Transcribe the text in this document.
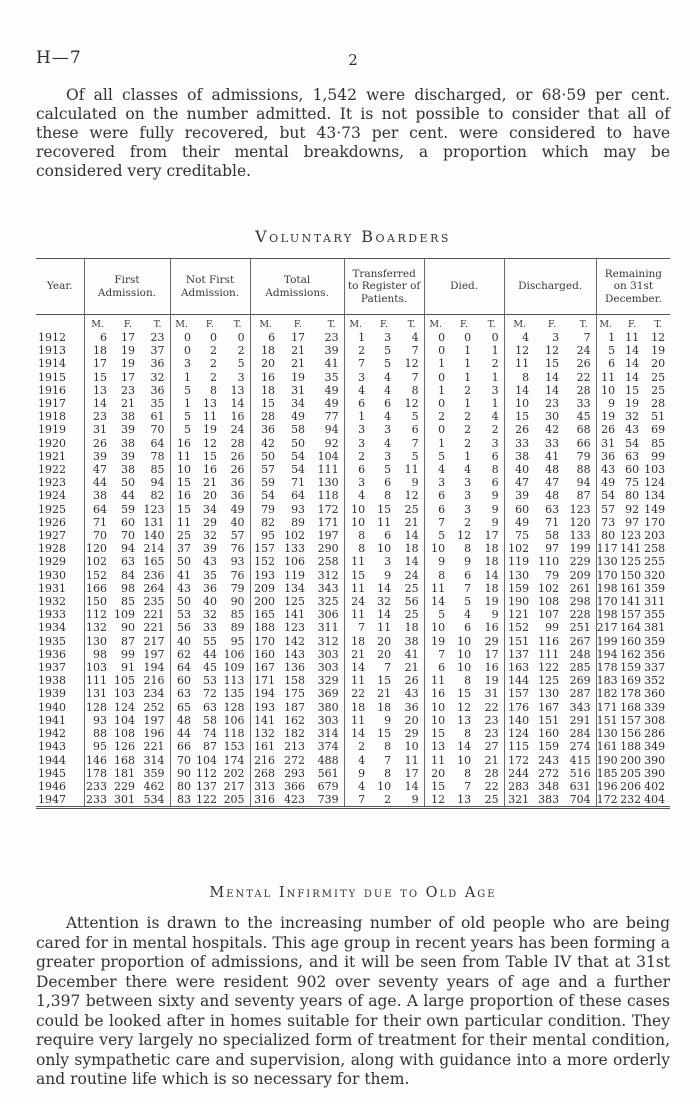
H—7	2

Of all classes of admissions, 1,542 were discharged, or 68·59 per cent. calculated on the number admitted. It is not possible to consider that all of these were fully recovered, but 43·73 per cent. were considered to have recovered from their mental breakdowns, a proportion which may be considered very creditable.

Voluntary Boarders
Year.	First Admission.			Not First Admission.			Total Admissions.			Transferred to Register of Patients.			Died.			Discharged.			Remaining on 31st December.		
	M.	F.	T.	M.	F.	T.	M.	F.	T.	M.	F.	T.	M.	F.	T.	M.	F.	T.	M.	F.	T.
1912	6	17	23	0	0	0	6	17	23	1	3	4	0	0	0	4	3	7	1	11	12
1913	18	19	37	0	2	2	18	21	39	2	5	7	0	1	1	12	12	24	5	14	19
1914	17	19	36	3	2	5	20	21	41	7	5	12	1	1	2	11	15	26	6	14	20
1915	15	17	32	1	2	3	16	19	35	3	4	7	0	1	1	8	14	22	11	14	25
1916	13	23	36	5	8	13	18	31	49	4	4	8	1	2	3	14	14	28	10	15	25
1917	14	21	35	1	13	14	15	34	49	6	6	12	0	1	1	10	23	33	9	19	28
1918	23	38	61	5	11	16	28	49	77	1	4	5	2	2	4	15	30	45	19	32	51
1919	31	39	70	5	19	24	36	58	94	3	3	6	0	2	2	26	42	68	26	43	69
1920	26	38	64	16	12	28	42	50	92	3	4	7	1	2	3	33	33	66	31	54	85
1921	39	39	78	11	15	26	50	54	104	2	3	5	5	1	6	38	41	79	36	63	99
1922	47	38	85	10	16	26	57	54	111	6	5	11	4	4	8	40	48	88	43	60	103
1923	44	50	94	15	21	36	59	71	130	3	6	9	3	3	6	47	47	94	49	75	124
1924	38	44	82	16	20	36	54	64	118	4	8	12	6	3	9	39	48	87	54	80	134
1925	64	59	123	15	34	49	79	93	172	10	15	25	6	3	9	60	63	123	57	92	149
1926	71	60	131	11	29	40	82	89	171	10	11	21	7	2	9	49	71	120	73	97	170
1927	70	70	140	25	32	57	95	102	197	8	6	14	5	12	17	75	58	133	80	123	203
1928	120	94	214	37	39	76	157	133	290	8	10	18	10	8	18	102	97	199	117	141	258
1929	102	63	165	50	43	93	152	106	258	11	3	14	9	9	18	119	110	229	130	125	255
1930	152	84	236	41	35	76	193	119	312	15	9	24	8	6	14	130	79	209	170	150	320
1931	166	98	264	43	36	79	209	134	343	11	14	25	11	7	18	159	102	261	198	161	359
1932	150	85	235	50	40	90	200	125	325	24	32	56	14	5	19	190	108	298	170	141	311
1933	112	109	221	53	32	85	165	141	306	11	14	25	5	4	9	121	107	228	198	157	355
1934	132	90	221	56	33	89	188	123	311	7	11	18	10	6	16	152	99	251	217	164	381
1935	130	87	217	40	55	95	170	142	312	18	20	38	19	10	29	151	116	267	199	160	359
1936	98	99	197	62	44	106	160	143	303	21	20	41	7	10	17	137	111	248	194	162	356
1937	103	91	194	64	45	109	167	136	303	14	7	21	6	10	16	163	122	285	178	159	337
1938	111	105	216	60	53	113	171	158	329	11	15	26	11	8	19	144	125	269	183	169	352
1939	131	103	234	63	72	135	194	175	369	22	21	43	16	15	31	157	130	287	182	178	360
1940	128	124	252	65	63	128	193	187	380	18	18	36	10	12	22	176	167	343	171	168	339
1941	93	104	197	48	58	106	141	162	303	11	9	20	10	13	23	140	151	291	151	157	308
1942	88	108	196	44	74	118	132	182	314	14	15	29	15	8	23	124	160	284	130	156	286
1943	95	126	221	66	87	153	161	213	374	2	8	10	13	14	27	115	159	274	161	188	349
1944	146	168	314	70	104	174	216	272	488	4	7	11	11	10	21	172	243	415	190	200	390
1945	178	181	359	90	112	202	268	293	561	9	8	17	20	8	28	244	272	516	185	205	390
1946	233	229	462	80	137	217	313	366	679	4	10	14	15	7	22	283	348	631	196	206	402
1947	233	301	534	83	122	205	316	423	739	7	2	9	12	13	25	321	383	704	172	232	404
Mental Infirmity due to Old Age

Attention is drawn to the increasing number of old people who are being cared for in mental hospitals. This age group in recent years has been forming a greater proportion of admissions, and it will be seen from Table IV that at 31st December there were resident 902 over seventy years of age and a further 1,397 between sixty and seventy years of age. A large proportion of these cases could be looked after in homes suitable for their own particular condition. They require very largely no specialized form of treatment for their mental condition, only sympathetic care and supervision, along with guidance into a more orderly and routine life which is so necessary for them.
